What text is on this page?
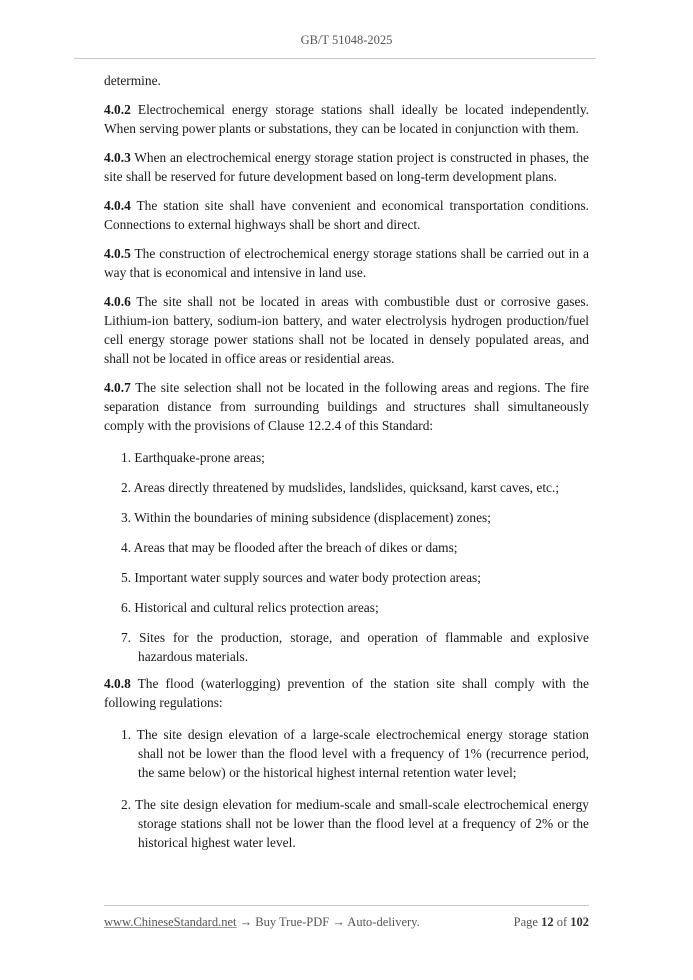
GB/T 51048-2025

determine.

4.0.2 Electrochemical energy storage stations shall ideally be located independently. When serving power plants or substations, they can be located in conjunction with them.

4.0.3 When an electrochemical energy storage station project is constructed in phases, the site shall be reserved for future development based on long-term development plans.

4.0.4 The station site shall have convenient and economical transportation conditions. Connections to external highways shall be short and direct.

4.0.5 The construction of electrochemical energy storage stations shall be carried out in a way that is economical and intensive in land use.

4.0.6 The site shall not be located in areas with combustible dust or corrosive gases. Lithium-ion battery, sodium-ion battery, and water electrolysis hydrogen production/fuel cell energy storage power stations shall not be located in densely populated areas, and shall not be located in office areas or residential areas.

4.0.7 The site selection shall not be located in the following areas and regions. The fire separation distance from surrounding buildings and structures shall simultaneously comply with the provisions of Clause 12.2.4 of this Standard:

1. Earthquake-prone areas;

2. Areas directly threatened by mudslides, landslides, quicksand, karst caves, etc.;

3. Within the boundaries of mining subsidence (displacement) zones;

4. Areas that may be flooded after the breach of dikes or dams;

5. Important water supply sources and water body protection areas;

6. Historical and cultural relics protection areas;

7. Sites for the production, storage, and operation of flammable and explosive hazardous materials.

4.0.8 The flood (waterlogging) prevention of the station site shall comply with the following regulations:

1. The site design elevation of a large-scale electrochemical energy storage station shall not be lower than the flood level with a frequency of 1% (recurrence period, the same below) or the historical highest internal retention water level;

2. The site design elevation for medium-scale and small-scale electrochemical energy storage stations shall not be lower than the flood level at a frequency of 2% or the historical highest water level.

www.ChineseStandard.net → Buy True-PDF → Auto-delivery.	Page 12 of 102
